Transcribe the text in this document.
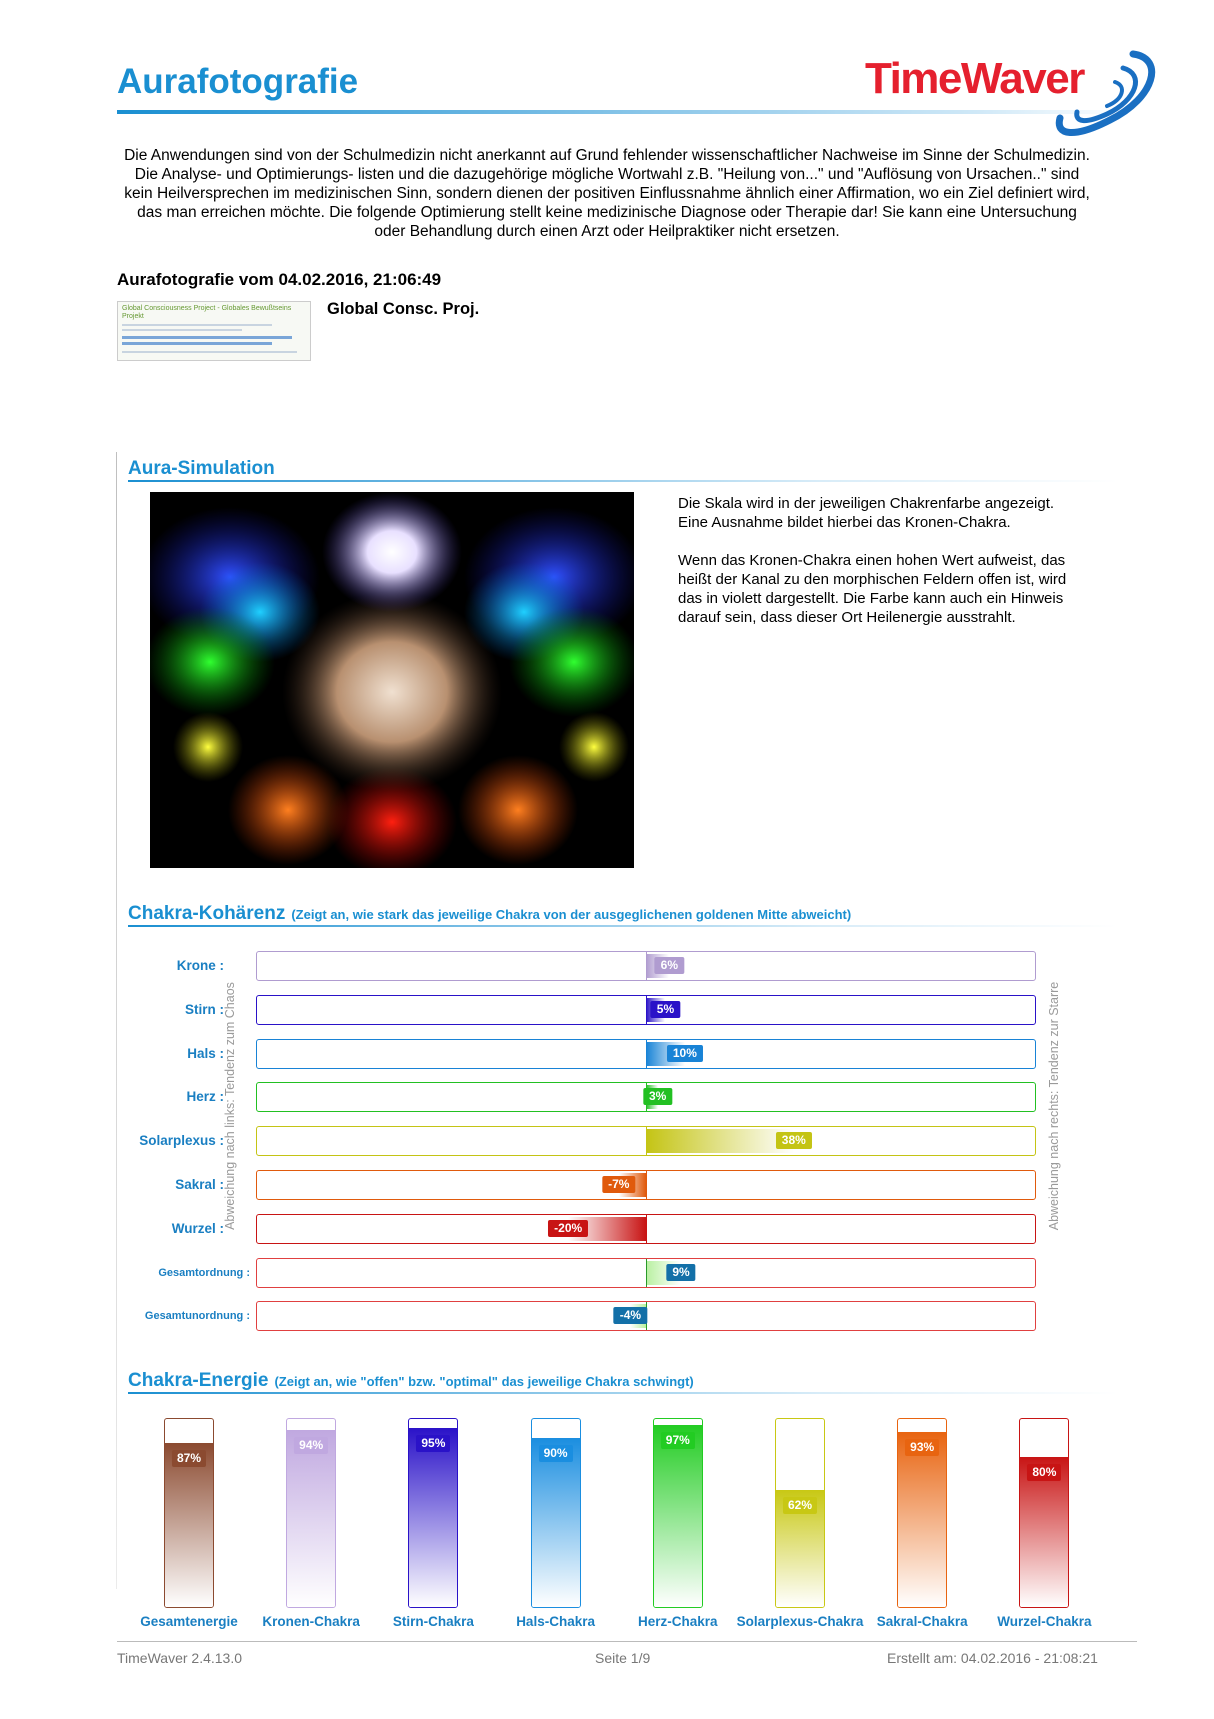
Aurafotografie	TimeWaver

Die Anwendungen sind von der Schulmedizin nicht anerkannt auf Grund fehlender wissenschaftlicher Nachweise im Sinne der Schulmedizin. Die Analyse- und Optimierungs- listen und die dazugehörige mögliche Wortwahl z.B. "Heilung von..." und "Auflösung von Ursachen.." sind kein Heilversprechen im medizinischen Sinn, sondern dienen der positiven Einflussnahme ähnlich einer Affirmation, wo ein Ziel definiert wird, das man erreichen möchte. Die folgende Optimierung stellt keine medizinische Diagnose oder Therapie dar! Sie kann eine Untersuchung oder Behandlung durch einen Arzt oder Heilpraktiker nicht ersetzen.

Aurafotografie vom 04.02.2016, 21:06:49
Global Consciousness Project - Globales Bewußtseins Projekt	Global Consc. Proj.
Aura-Simulation

Die Skala wird in der jeweiligen Chakrenfarbe angezeigt. Eine Ausnahme bildet hierbei das Kronen-Chakra.

Wenn das Kronen-Chakra einen hohen Wert aufweist, das heißt der Kanal zu den morphischen Feldern offen ist, wird das in violett dargestellt. Die Farbe kann auch ein Hinweis darauf sein, dass dieser Ort Heilenergie ausstrahlt.

Chakra-Kohärenz (Zeigt an, wie stark das jeweilige Chakra von der ausgeglichenen goldenen Mitte abweicht)
Krone :	6%
Stirn :	5%
Hals :	10%
Herz :	3%
Solarplexus :	38%
Sakral :	-7%
Wurzel :	-20%
Gesamtordnung :	9%
Gesamtunordnung :	-4%
Abweichung nach links: Tendenz zum Chaos	Abweichung nach rechts: Tendenz zur Starre
Chakra-Energie (Zeigt an, wie "offen" bzw. "optimal" das jeweilige Chakra schwingt)
87%
Gesamtenergie
94%
Kronen-Chakra
95%
Stirn-Chakra
90%
Hals-Chakra
97%
Herz-Chakra
62%
Solarplexus-Chakra
93%
Sakral-Chakra
80%
Wurzel-Chakra
TimeWaver 2.4.13.0	Seite 1/9	Erstellt am: 04.02.2016 - 21:08:21
